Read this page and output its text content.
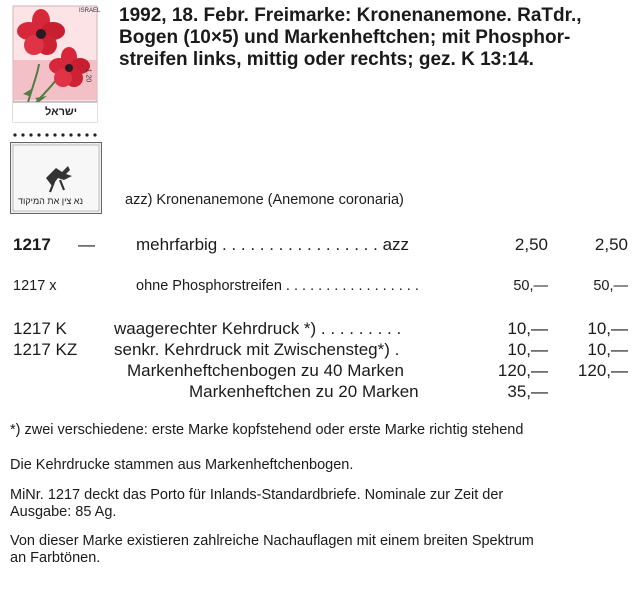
ISRAEL
1.20
ישראל
נא צין את המיקוד
1992, 18. Febr. Freimarke: Kronenanemone. RaTdr.,
Bogen (10×5) und Markenheftchen; mit Phosphor-
streifen links, mittig oder rechts; gez. K 13:14.
azz) Kronenanemone (Anemone coronaria)
1217 — mehrfarbig . . . . . . . . . . . . . . . . . azz	2,50	2,50
1217 x	ohne Phosphorstreifen . . . . . . . . . . . . . . . . .	50,—	50,—
1217 K	waagerechter Kehrdruck *) . . . . . . . . .	10,—	10,—
1217 KZ senkr. Kehrdruck mit Zwischensteg*) .	10,—	10,—
Markenheftchenbogen zu 40 Marken	120,—	120,—
Markenheftchen zu 20 Marken	35,—
*) zwei verschiedene: erste Marke kopfstehend oder erste Marke richtig stehend
Die Kehrdrucke stammen aus Markenheftchenbogen.
MiNr. 1217 deckt das Porto für Inlands-Standardbriefe. Nominale zur Zeit der
Ausgabe: 85 Ag.
Von dieser Marke existieren zahlreiche Nachauflagen mit einem breiten Spektrum
an Farbtönen.
